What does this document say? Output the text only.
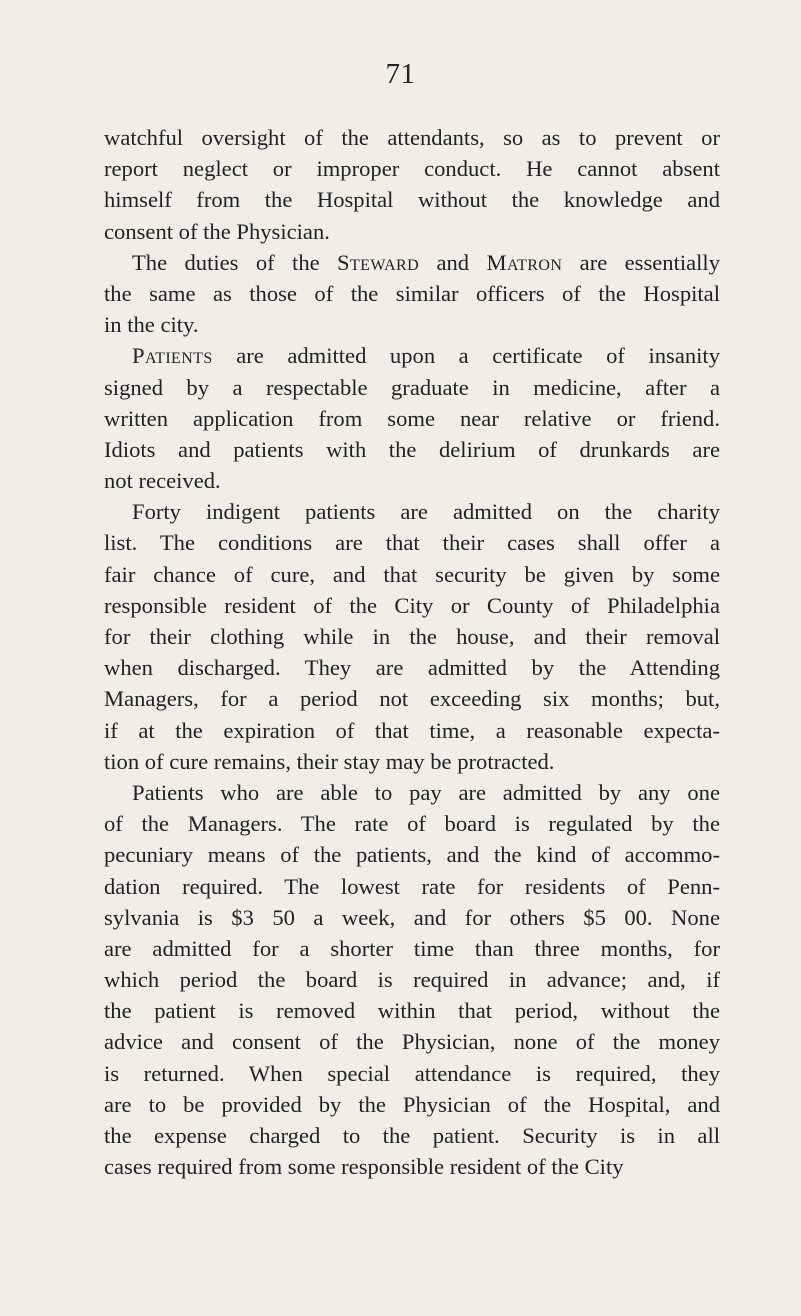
71
watchful oversight of the attendants, so as to prevent or
report neglect or improper conduct. He cannot absent
himself from the Hospital without the knowledge and
consent of the Physician.
The duties of the Steward and Matron are essentially
the same as those of the similar officers of the Hospital
in the city.
Patients are admitted upon a certificate of insanity
signed by a respectable graduate in medicine, after a
written application from some near relative or friend.
Idiots and patients with the delirium of drunkards are
not received.
Forty indigent patients are admitted on the charity
list. The conditions are that their cases shall offer a
fair chance of cure, and that security be given by some
responsible resident of the City or County of Philadelphia
for their clothing while in the house, and their removal
when discharged. They are admitted by the Attending
Managers, for a period not exceeding six months; but,
if at the expiration of that time, a reasonable expecta-
tion of cure remains, their stay may be protracted.
Patients who are able to pay are admitted by any one
of the Managers. The rate of board is regulated by the
pecuniary means of the patients, and the kind of accommo-
dation required. The lowest rate for residents of Penn-
sylvania is $3 50 a week, and for others $5 00. None
are admitted for a shorter time than three months, for
which period the board is required in advance; and, if
the patient is removed within that period, without the
advice and consent of the Physician, none of the money
is returned. When special attendance is required, they
are to be provided by the Physician of the Hospital, and
the expense charged to the patient. Security is in all
cases required from some responsible resident of the City
